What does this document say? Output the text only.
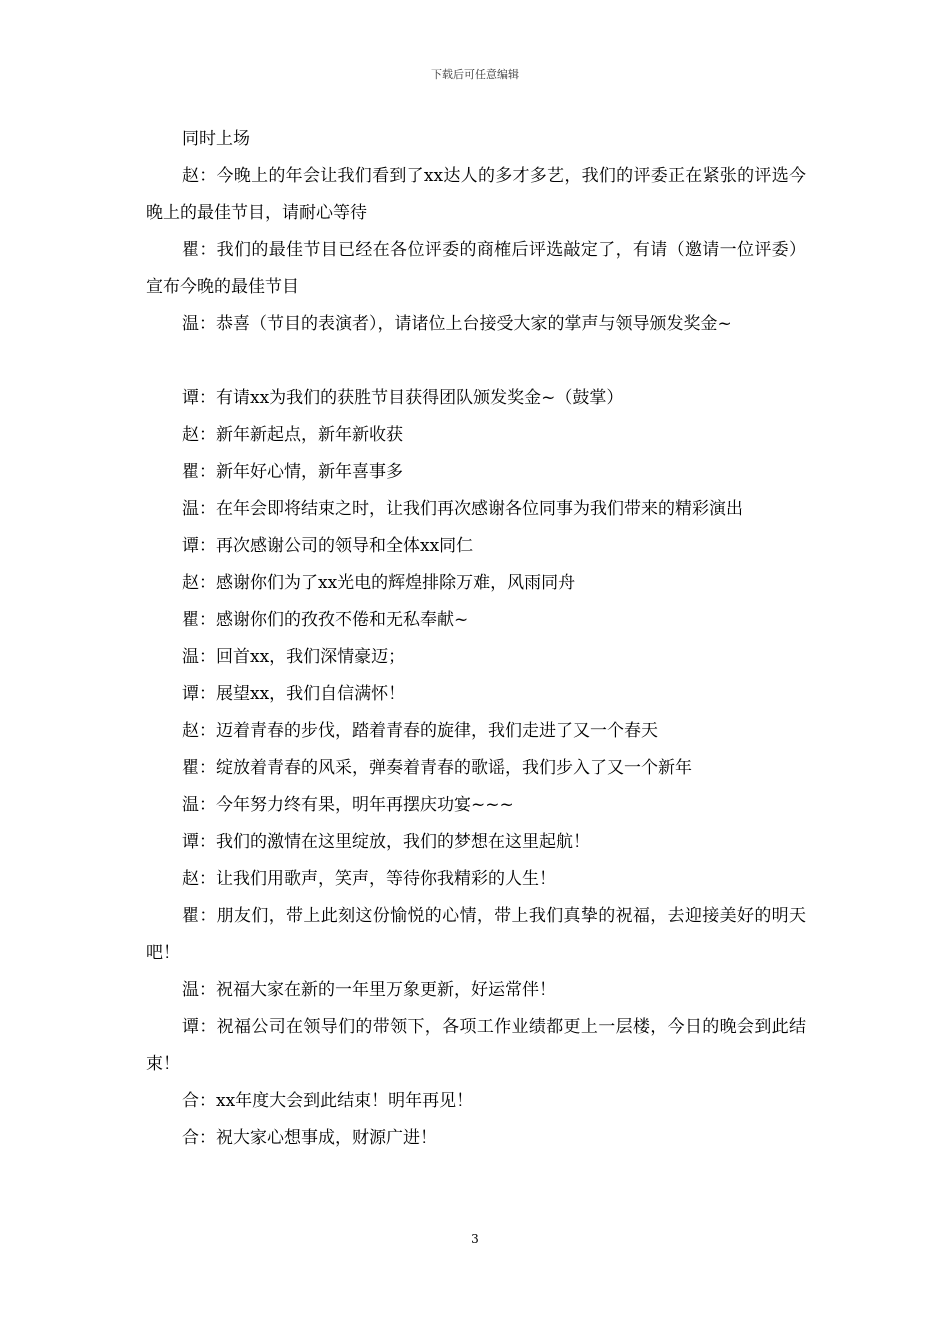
下载后可任意编辑

同时上场

赵：今晚上的年会让我们看到了xx达人的多才多艺，我们的评委正在紧张的评选今晚上的最佳节目，请耐心等待

瞿：我们的最佳节目已经在各位评委的商榷后评选敲定了，有请（邀请一位评委）宣布今晚的最佳节目

温：恭喜（节目的表演者），请诸位上台接受大家的掌声与领导颁发奖金~

谭：有请xx为我们的获胜节目获得团队颁发奖金~（鼓掌）

赵：新年新起点，新年新收获

瞿：新年好心情，新年喜事多

温：在年会即将结束之时，让我们再次感谢各位同事为我们带来的精彩演出

谭：再次感谢公司的领导和全体xx同仁

赵：感谢你们为了xx光电的辉煌排除万难，风雨同舟

瞿：感谢你们的孜孜不倦和无私奉献~

温：回首xx，我们深情豪迈；

谭：展望xx，我们自信满怀！

赵：迈着青春的步伐，踏着青春的旋律，我们走进了又一个春天

瞿：绽放着青春的风采，弹奏着青春的歌谣，我们步入了又一个新年

温：今年努力终有果，明年再摆庆功宴~~~

谭：我们的激情在这里绽放，我们的梦想在这里起航！

赵：让我们用歌声，笑声，等待你我精彩的人生！

瞿：朋友们，带上此刻这份愉悦的心情，带上我们真挚的祝福，去迎接美好的明天吧！

温：祝福大家在新的一年里万象更新，好运常伴！

谭：祝福公司在领导们的带领下，各项工作业绩都更上一层楼，今日的晚会到此结束！

合：xx年度大会到此结束！明年再见！

合：祝大家心想事成，财源广进！

3
